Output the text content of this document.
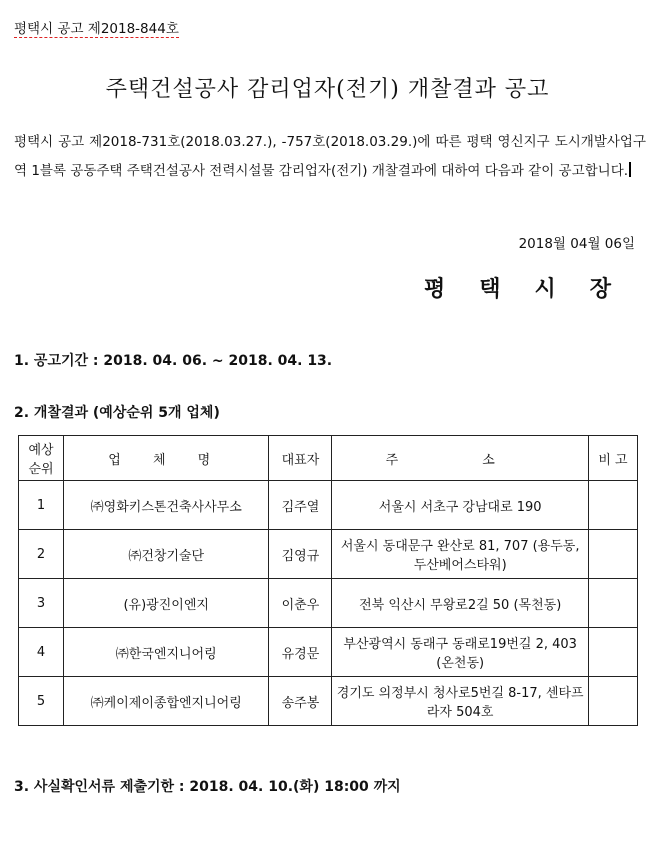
평택시 공고 제2018-844호
주택건설공사 감리업자(전기) 개찰결과 공고
평택시 공고 제2018-731호(2018.03.27.), -757호(2018.03.29.)에 따른 평택 영신지구 도시개발사업구역 1블록 공동주택 주택건설공사 전력시설물 감리업자(전기) 개찰결과에 대하여 다음과 같이 공고합니다.
2018월 04월 06일
평택시장
1. 공고기간 : 2018. 04. 06. ~ 2018. 04. 13.
2. 개찰결과 (예상순위 5개 업체)
예상순위	업 체 명	대표자	주 소	비 고
1	㈜영화키스톤건축사사무소	김주열	서울시 서초구 강남대로 190	
2	㈜건창기술단	김영규	서울시 동대문구 완산로 81, 707 (용두동, 두산베어스타워)	
3	(유)광진이엔지	이춘우	전북 익산시 무왕로2길 50 (목천동)	
4	㈜한국엔지니어링	유경문	부산광역시 동래구 동래로19번길 2, 403 (온천동)	
5	㈜케이제이종합엔지니어링	송주봉	경기도 의정부시 청사로5번길 8-17, 센타프라자 504호	
3. 사실확인서류 제출기한 : 2018. 04. 10.(화) 18:00 까지
